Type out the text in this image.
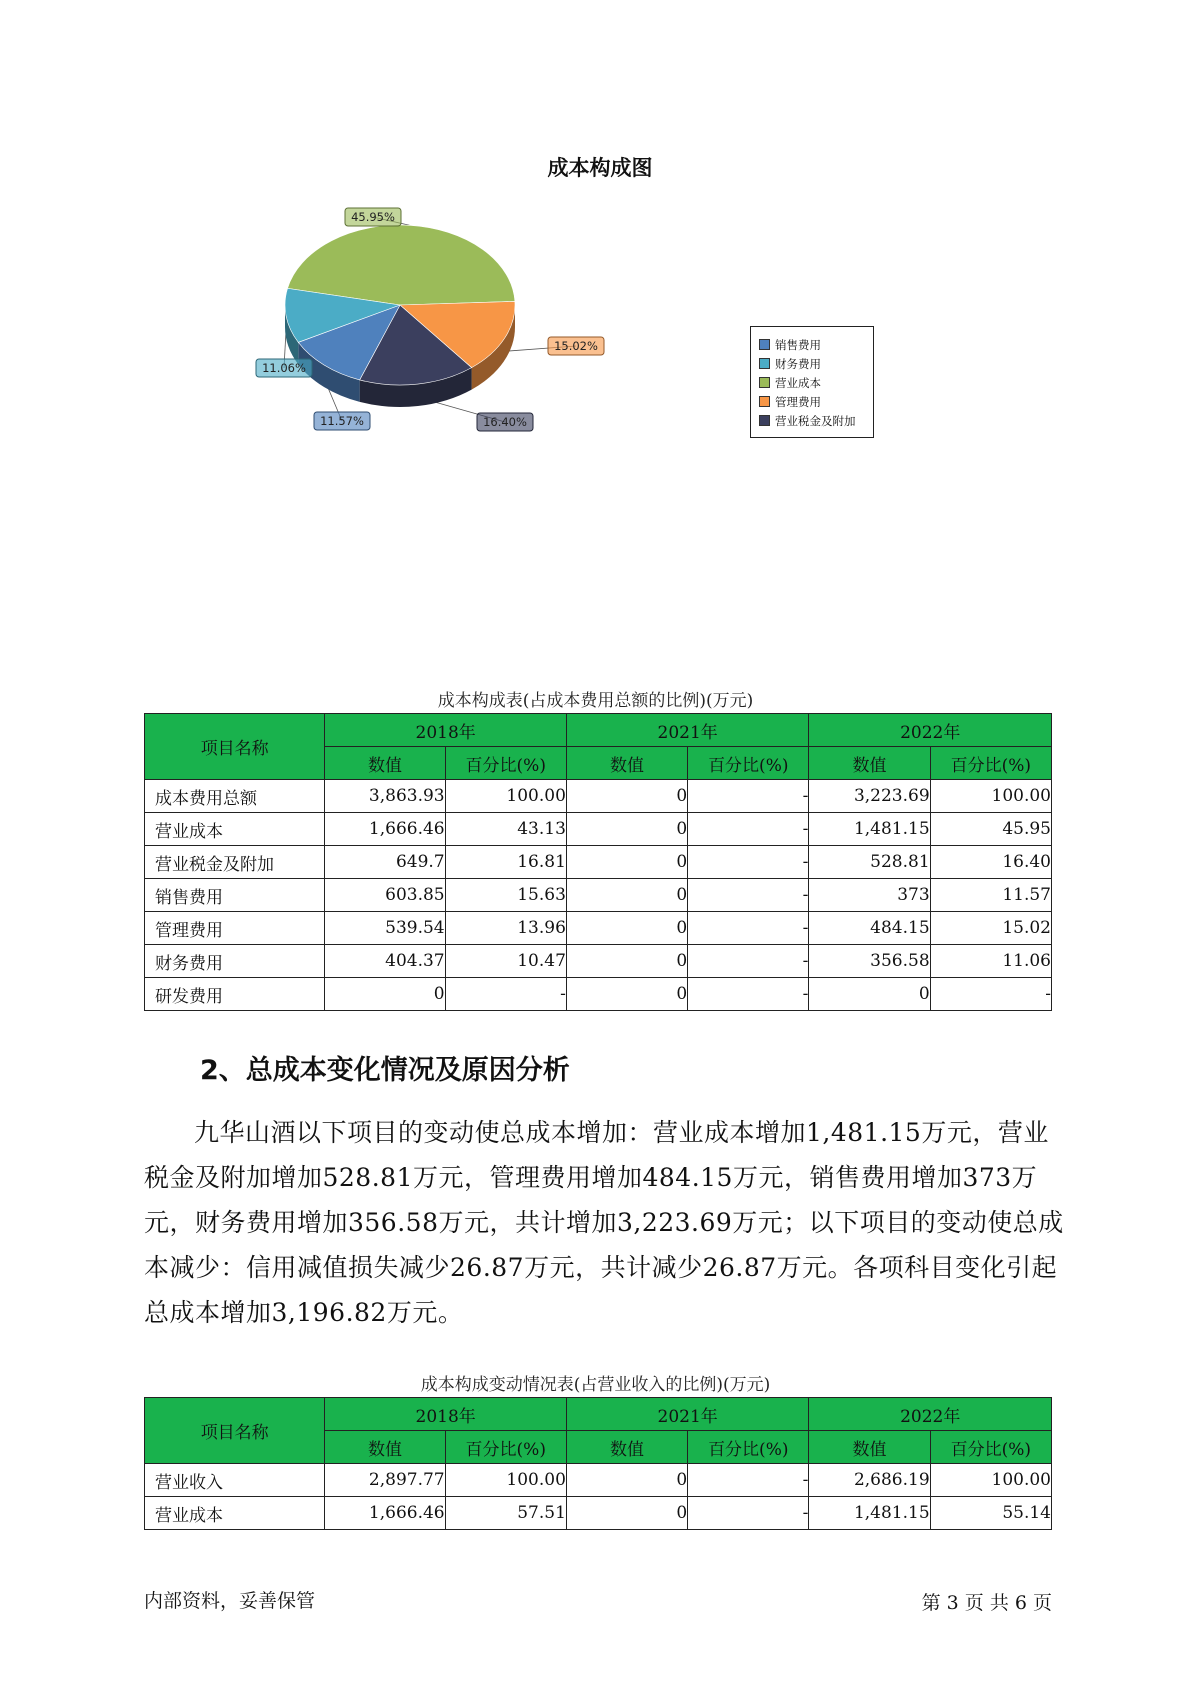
成本构成图
45.95%
15.02%
16.40%
11.57%
11.06%
销售费用
财务费用
营业成本
管理费用
营业税金及附加
成本构成表(占成本费用总额的比例)(万元)
项目名称	2018年		2021年		2022年	
	数值	百分比(%)	数值	百分比(%)	数值	百分比(%)
成本费用总额	3,863.93	100.00	0	-	3,223.69	100.00
营业成本	1,666.46	43.13	0	-	1,481.15	45.95
营业税金及附加	649.7	16.81	0	-	528.81	16.40
销售费用	603.85	15.63	0	-	373	11.57
管理费用	539.54	13.96	0	-	484.15	15.02
财务费用	404.37	10.47	0	-	356.58	11.06
研发费用	0	-	0	-	0	-
2、总成本变化情况及原因分析
九华山酒以下项目的变动使总成本增加：营业成本增加1,481.15万元，营业税金及附加增加528.81万元，管理费用增加484.15万元，销售费用增加373万元，财务费用增加356.58万元，共计增加3,223.69万元；以下项目的变动使总成本减少：信用减值损失减少26.87万元，共计减少26.87万元。各项科目变化引起总成本增加3,196.82万元。
成本构成变动情况表(占营业收入的比例)(万元)
项目名称	2018年		2021年		2022年	
	数值	百分比(%)	数值	百分比(%)	数值	百分比(%)
营业收入	2,897.77	100.00	0	-	2,686.19	100.00
营业成本	1,666.46	57.51	0	-	1,481.15	55.14
内部资料，妥善保管	第 3 页 共 6 页
